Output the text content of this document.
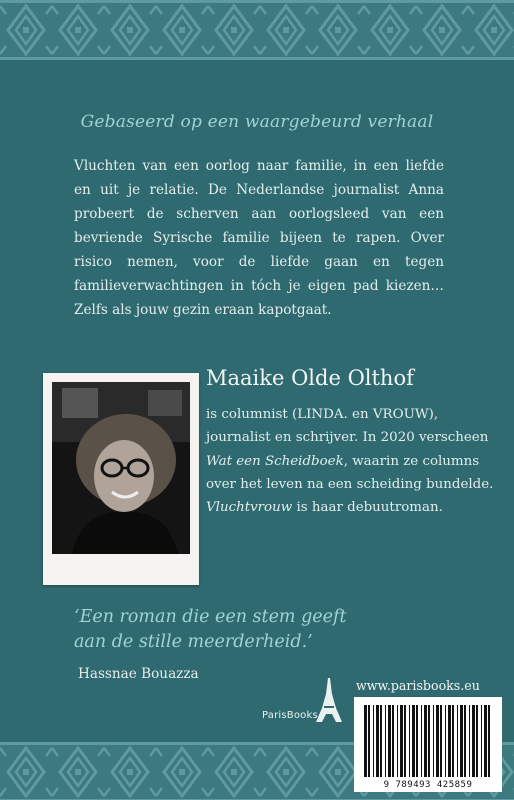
Gebaseerd op een waargebeurd verhaal
Vluchten van een oorlog naar familie, in een liefde en uit je relatie. De Nederlandse journalist Anna probeert de scherven aan oorlogsleed van een bevriende Syrische familie bijeen te rapen. Over risico nemen, voor de liefde gaan en tegen familieverwachtingen in tóch je eigen pad kiezen… Zelfs als jouw gezin eraan kapotgaat.
Maaike Olde Olthof
is columnist (LINDA. en VROUW), journalist en schrijver. In 2020 verscheen Wat een Scheidboek, waarin ze columns over het leven na een scheiding bundelde. Vluchtvrouw is haar debuutroman.
‘Een roman die een stem geeft aan de stille meerderheid.’
Hassnae Bouazza
ParisBooks
www.parisbooks.eu
9 789493 425859
